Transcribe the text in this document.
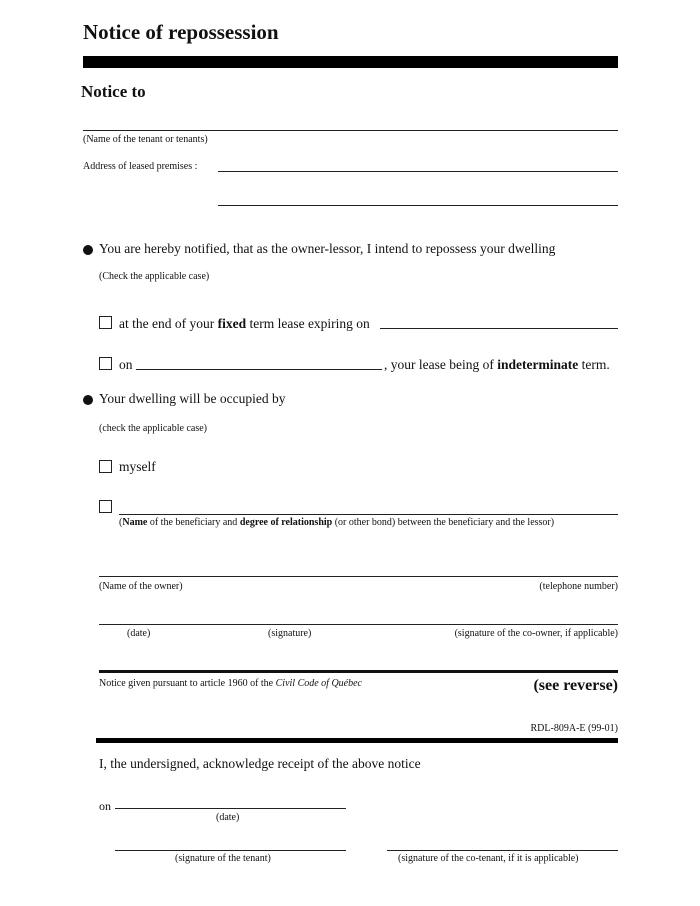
Notice of repossession
Notice to
(Name of the tenant or tenants)
Address of leased premises :
You are hereby notified, that as the owner-lessor, I intend to repossess your dwelling
(Check the applicable case)
at the end of your fixed term lease expiring on
on	, your lease being of indeterminate term.
Your dwelling will be occupied by
(check the applicable case)
myself
(Name of the beneficiary and degree of relationship (or other bond) between the beneficiary and the lessor)
(Name of the owner)	(telephone number)
(date)	(signature)	(signature of the co-owner, if applicable)
Notice given pursuant to article 1960 of the Civil Code of Québec	(see reverse)
RDL-809A-E (99-01)
I, the undersigned, acknowledge receipt of the above notice
on
(date)
(signature of the tenant)	(signature of the co-tenant, if it is applicable)
